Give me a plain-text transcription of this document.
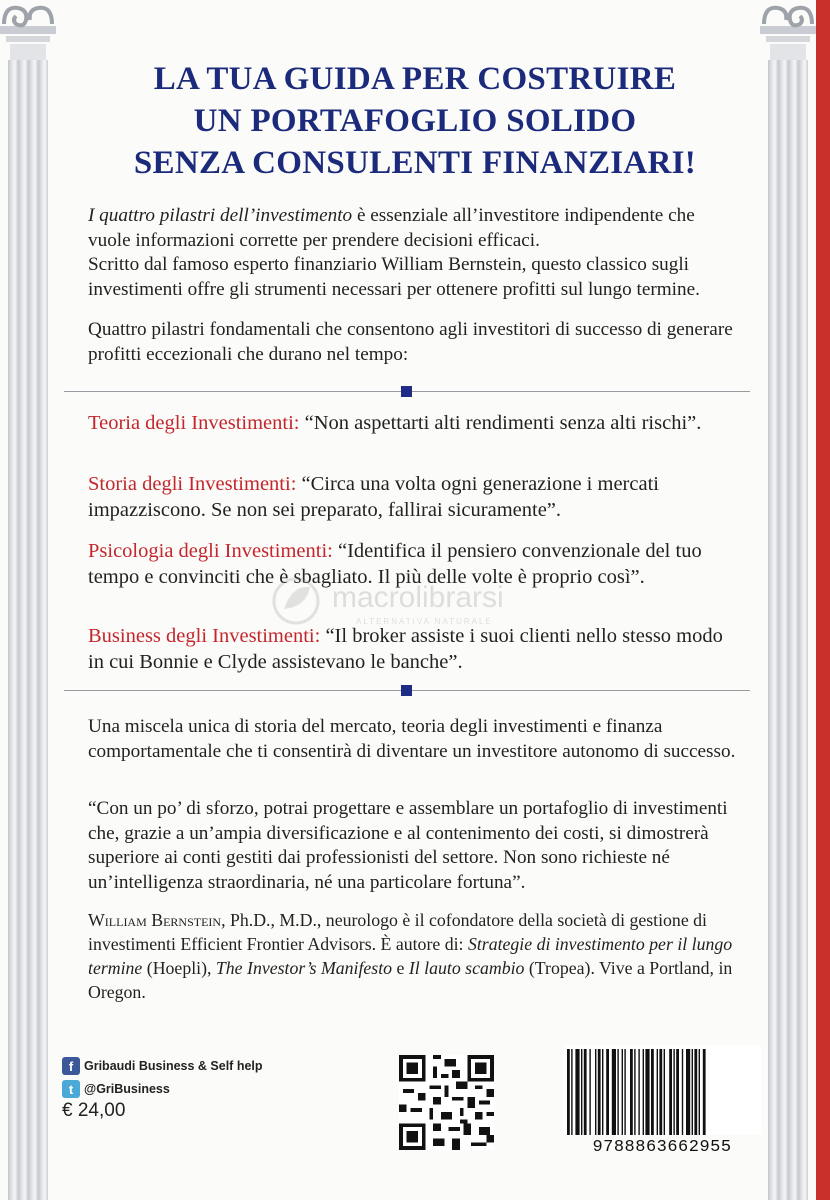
LA TUA GUIDA PER COSTRUIRE
UN PORTAFOGLIO SOLIDO
SENZA CONSULENTI FINANZIARI!

I quattro pilastri dell’investimento è essenziale all’investitore indipendente che vuole informazioni corrette per prendere decisioni efficaci.

Scritto dal famoso esperto finanziario William Bernstein, questo classico sugli investimenti offre gli strumenti necessari per ottenere profitti sul lungo termine.

Quattro pilastri fondamentali che consentono agli investitori di successo di generare profitti eccezionali che durano nel tempo:

Teoria degli Investimenti: “Non aspettarti alti rendimenti senza alti rischi”.
Storia degli Investimenti: “Circa una volta ogni generazione i mercati impazziscono. Se non sei preparato, fallirai sicuramente”.
Psicologia degli Investimenti: “Identifica il pensiero convenzionale del tuo tempo e convinciti che è sbagliato. Il più delle volte è proprio così”.
Business degli Investimenti: “Il broker assiste i suoi clienti nello stesso modo in cui Bonnie e Clyde assistevano le banche”.

Una miscela unica di storia del mercato, teoria degli investimenti e finanza comportamentale che ti consentirà di diventare un investitore autonomo di successo.

“Con un po’ di sforzo, potrai progettare e assemblare un portafoglio di investimenti che, grazie a un’ampia diversificazione e al contenimento dei costi, si dimostrerà superiore ai conti gestiti dai professionisti del settore. Non sono richieste né un’intelligenza straordinaria, né una particolare fortuna”.

William Bernstein, Ph.D., M.D., neurologo è il cofondatore della società di gestione di investimenti Efficient Frontier Advisors. È autore di: Strategie di investimento per il lungo termine (Hoepli), The Investor’s Manifesto e Il lauto scambio (Tropea). Vive a Portland, in Oregon.
f Gribaudi Business & Self help
t @GriBusiness
€ 24,00
9788863662955
macrolibrarsi
ALTERNATIVA NATURALE
